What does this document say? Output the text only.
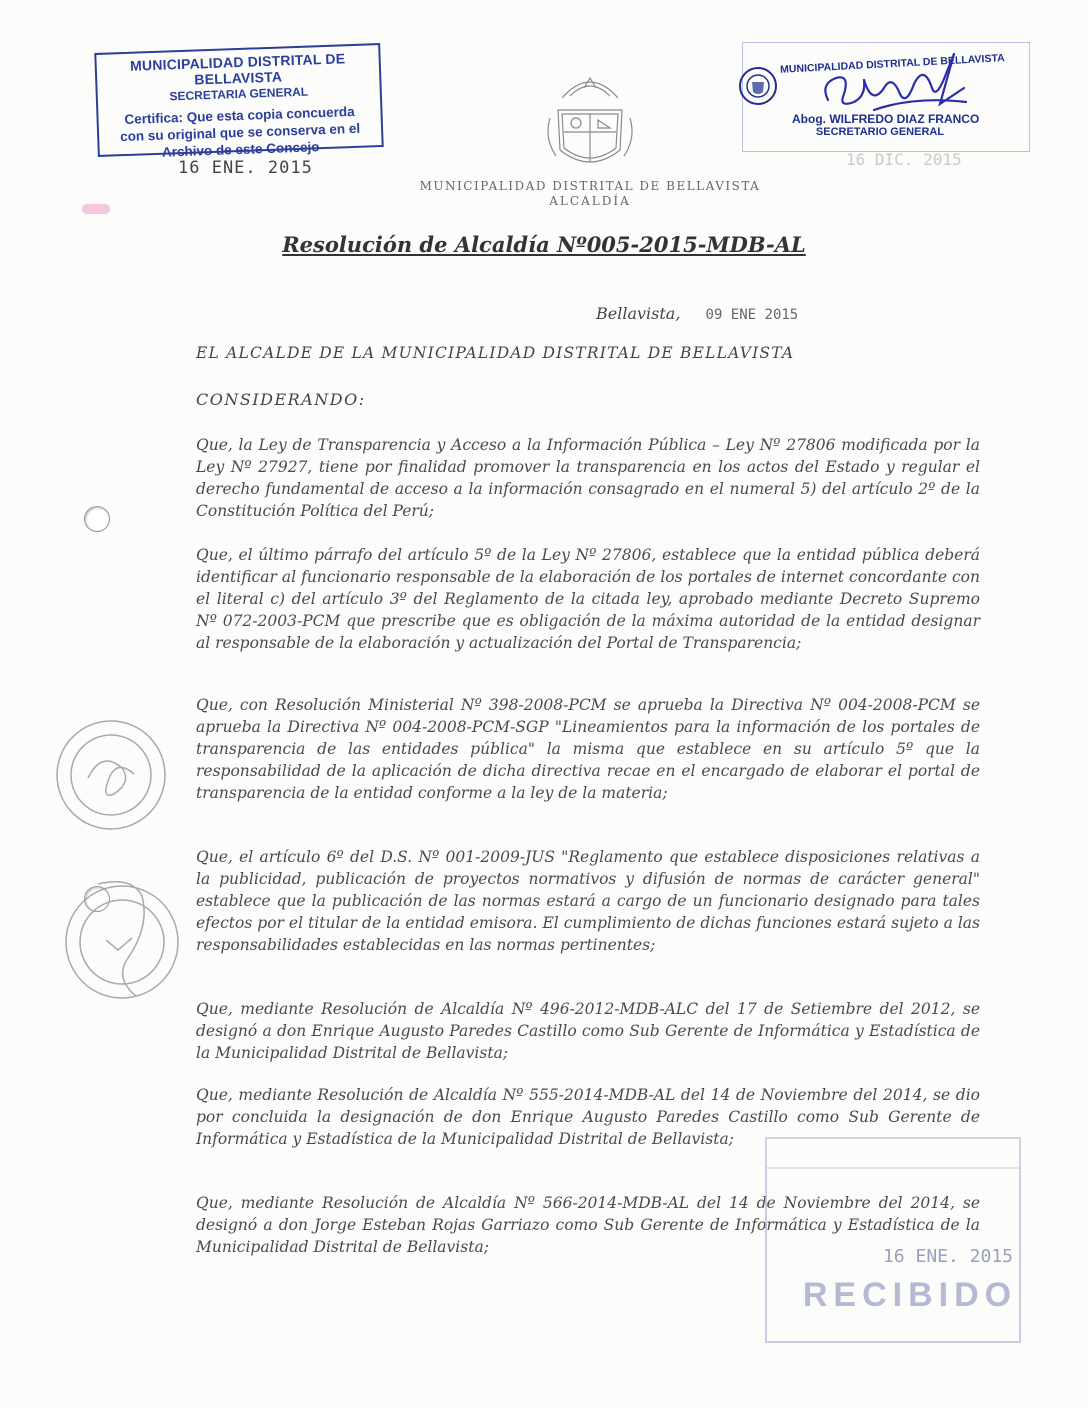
MUNICIPALIDAD DISTRITAL DE BELLAVISTA
SECRETARIA GENERAL
Certifica: Que esta copia concuerda
con su original que se conserva en el
Archivo de este Concejo
16 ENE. 2015
MUNICIPALIDAD DISTRITAL DE BELLAVISTA
ALCALDÍA
MUNICIPALIDAD DISTRITAL DE BELLAVISTA
Abog. WILFREDO DIAZ FRANCO
SECRETARIO GENERAL
16 DIC. 2015
Resolución de Alcaldía Nº005-2015-MDB-AL
Bellavista, 09 ENE 2015
EL ALCALDE DE LA MUNICIPALIDAD DISTRITAL DE BELLAVISTA
CONSIDERANDO:

Que, la Ley de Transparencia y Acceso a la Información Pública – Ley Nº 27806 modificada por la Ley Nº 27927, tiene por finalidad promover la transparencia en los actos del Estado y regular el derecho fundamental de acceso a la información consagrado en el numeral 5) del artículo 2º de la Constitución Política del Perú;

Que, el último párrafo del artículo 5º de la Ley Nº 27806, establece que la entidad pública deberá identificar al funcionario responsable de la elaboración de los portales de internet concordante con el literal c) del artículo 3º del Reglamento de la citada ley, aprobado mediante Decreto Supremo Nº 072-2003-PCM que prescribe que es obligación de la máxima autoridad de la entidad designar al responsable de la elaboración y actualización del Portal de Transparencia;

Que, con Resolución Ministerial Nº 398-2008-PCM se aprueba la Directiva Nº 004-2008-PCM se aprueba la Directiva Nº 004-2008-PCM-SGP "Lineamientos para la información de los portales de transparencia de las entidades pública" la misma que establece en su artículo 5º que la responsabilidad de la aplicación de dicha directiva recae en el encargado de elaborar el portal de transparencia de la entidad conforme a la ley de la materia;

Que, el artículo 6º del D.S. Nº 001-2009-JUS "Reglamento que establece disposiciones relativas a la publicidad, publicación de proyectos normativos y difusión de normas de carácter general" establece que la publicación de las normas estará a cargo de un funcionario designado para tales efectos por el titular de la entidad emisora. El cumplimiento de dichas funciones estará sujeto a las responsabilidades establecidas en las normas pertinentes;

Que, mediante Resolución de Alcaldía Nº 496-2012-MDB-ALC del 17 de Setiembre del 2012, se designó a don Enrique Augusto Paredes Castillo como Sub Gerente de Informática y Estadística de la Municipalidad Distrital de Bellavista;

Que, mediante Resolución de Alcaldía Nº 555-2014-MDB-AL del 14 de Noviembre del 2014, se dio por concluida la designación de don Enrique Augusto Paredes Castillo como Sub Gerente de Informática y Estadística de la Municipalidad Distrital de Bellavista;

Que, mediante Resolución de Alcaldía Nº 566-2014-MDB-AL del 14 de Noviembre del 2014, se designó a don Jorge Esteban Rojas Garriazo como Sub Gerente de Informática y Estadística de la Municipalidad Distrital de Bellavista;	16 ENE. 2015
RECIBIDO
